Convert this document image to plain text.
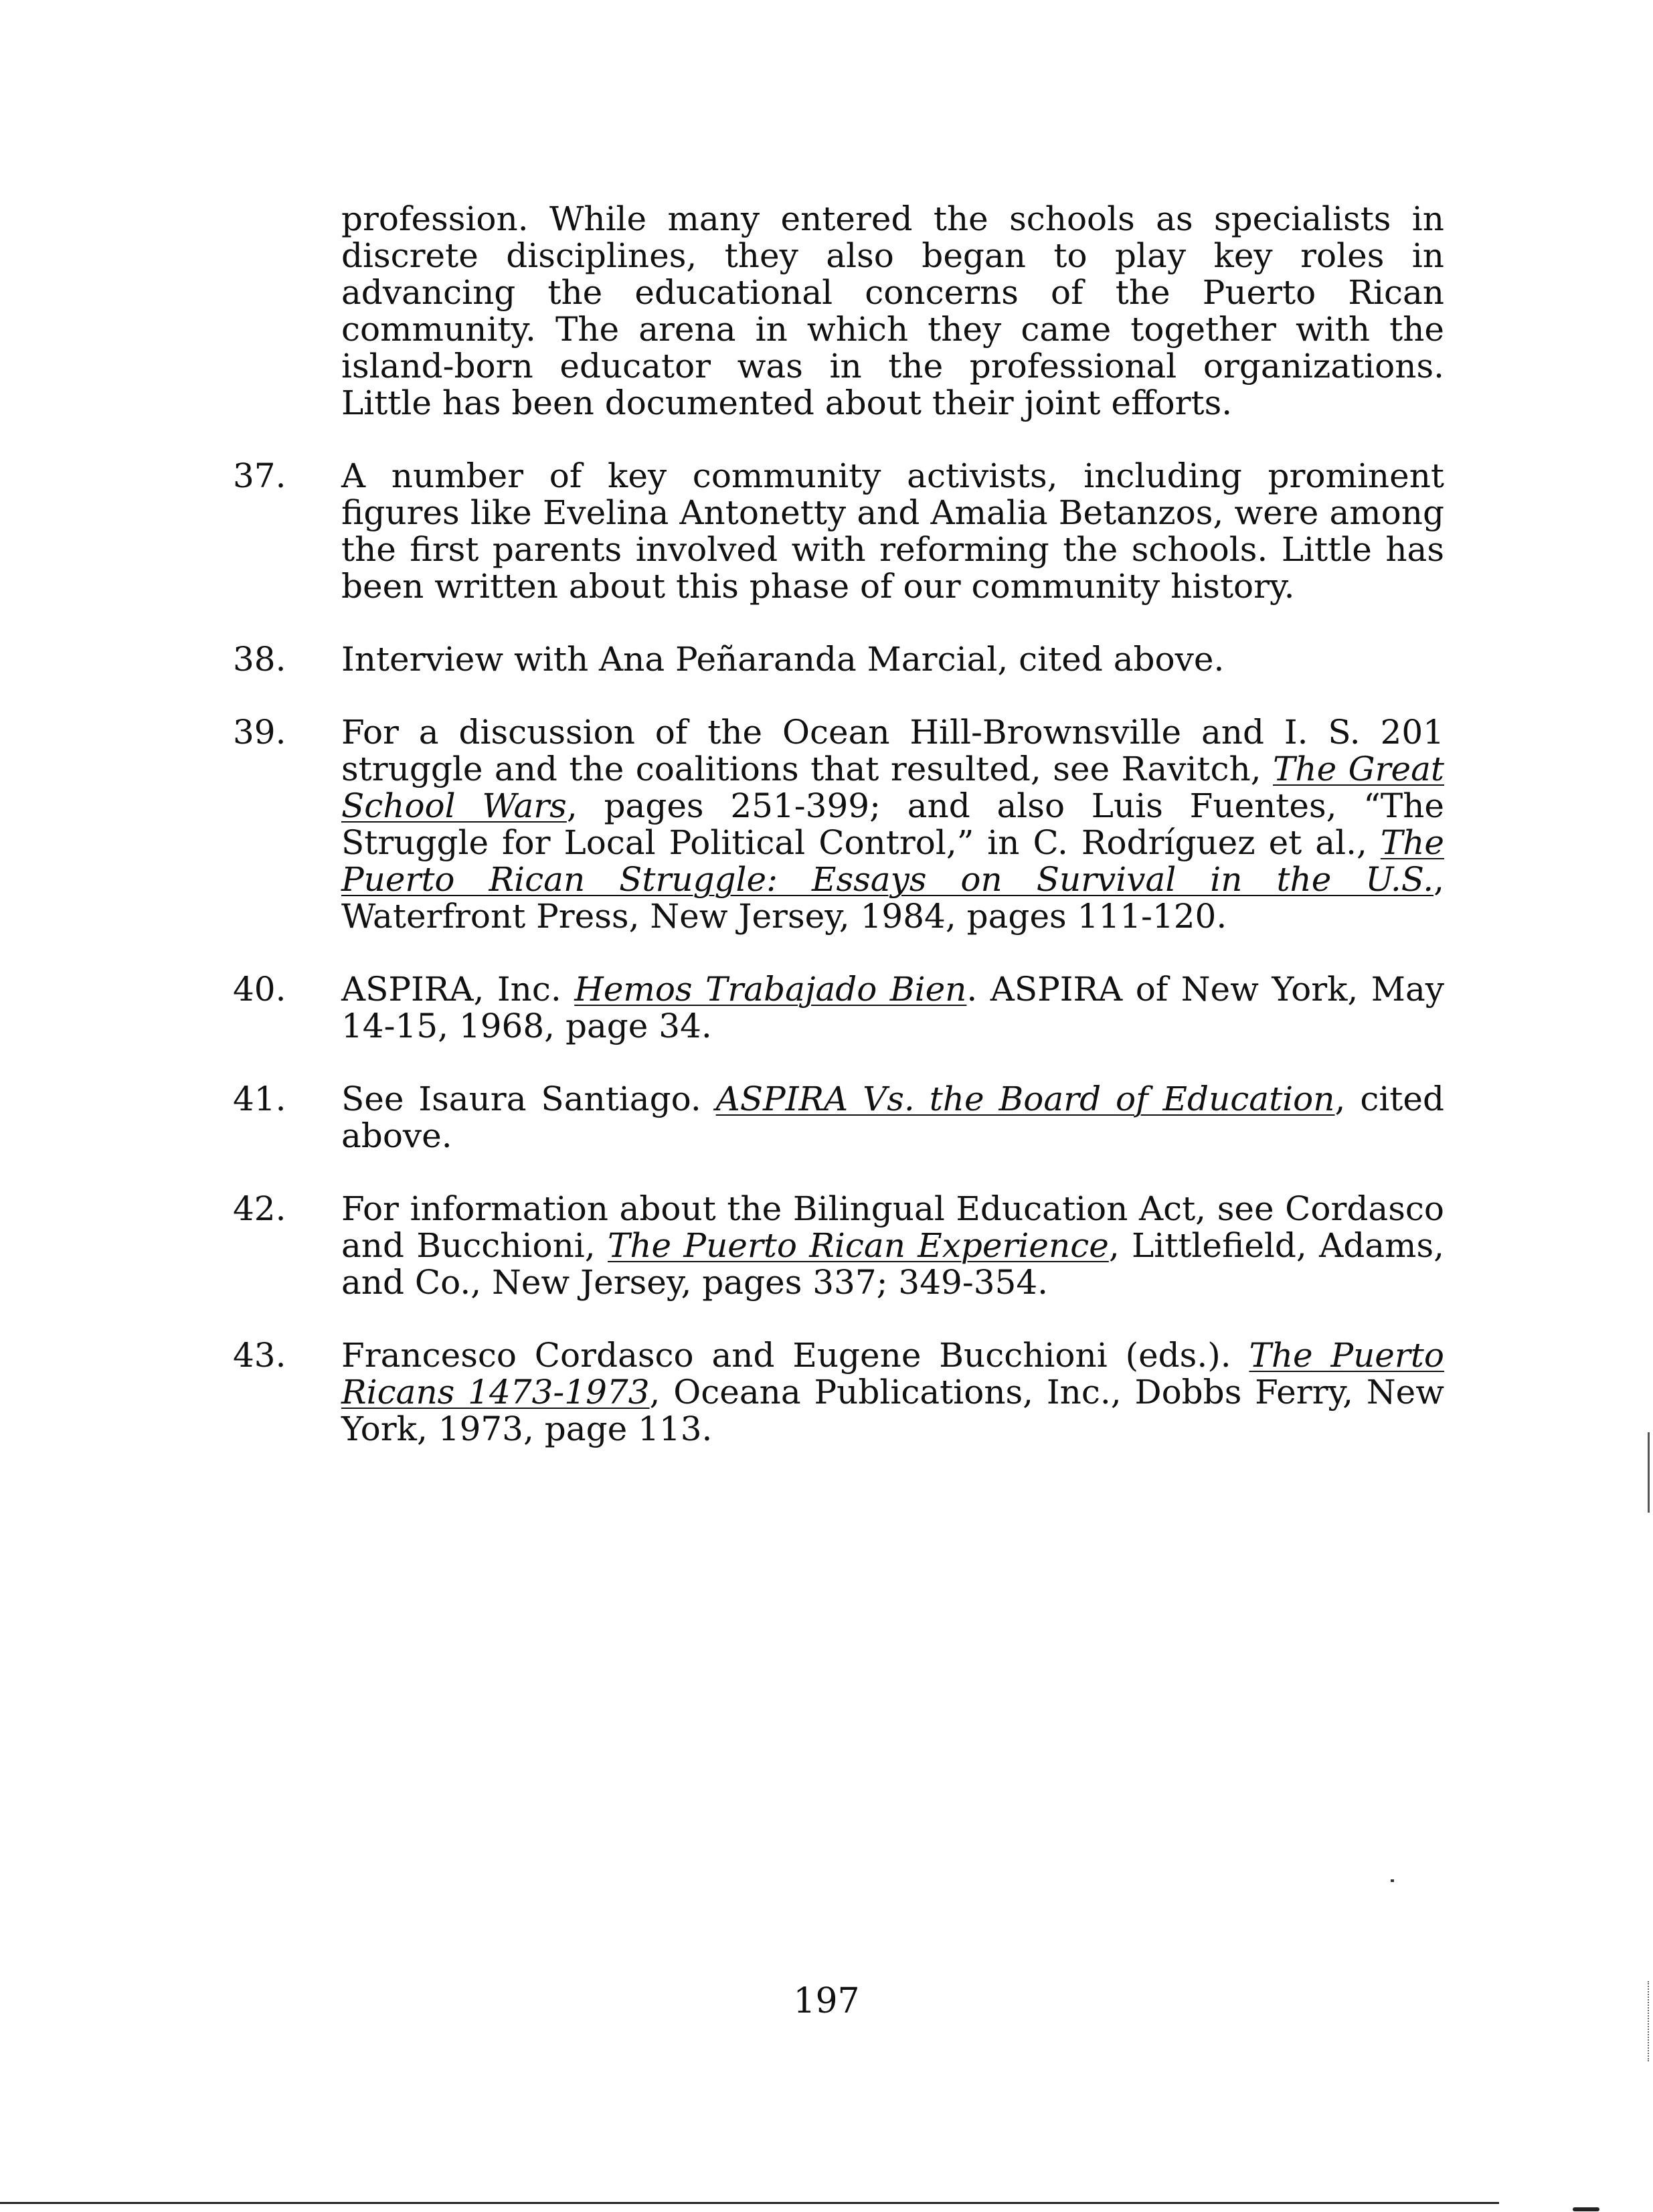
profession. While many entered the schools as specialists in discrete disciplines, they also began to play key roles in advancing the educational concerns of the Puerto Rican community. The arena in which they came together with the island-born educator was in the professional organizations. Little has been documented about their joint efforts.

37.	A number of key community activists, including prominent figures like Evelina Antonetty and Amalia Betanzos, were among the first parents involved with reforming the schools. Little has been written about this phase of our community history.
38.	Interview with Ana Peñaranda Marcial, cited above.
39.	For a discussion of the Ocean Hill-Brownsville and I. S. 201 struggle and the coalitions that resulted, see Ravitch, The Great School Wars, pages 251-399; and also Luis Fuentes, “The Struggle for Local Political Control,” in C. Rodríguez et al., The Puerto Rican Struggle: Essays on Survival in the U.S., Waterfront Press, New Jersey, 1984, pages 111-120.
40.	ASPIRA, Inc. Hemos Trabajado Bien. ASPIRA of New York, May 14-15, 1968, page 34.
41.	See Isaura Santiago. ASPIRA Vs. the Board of Education, cited above.
42.	For information about the Bilingual Education Act, see Cordasco and Bucchioni, The Puerto Rican Experience, Littlefield, Adams, and Co., New Jersey, pages 337; 349-354.
43.	Francesco Cordasco and Eugene Bucchioni (eds.). The Puerto Ricans 1473-1973, Oceana Publications, Inc., Dobbs Ferry, New York, 1973, page 113.
197
